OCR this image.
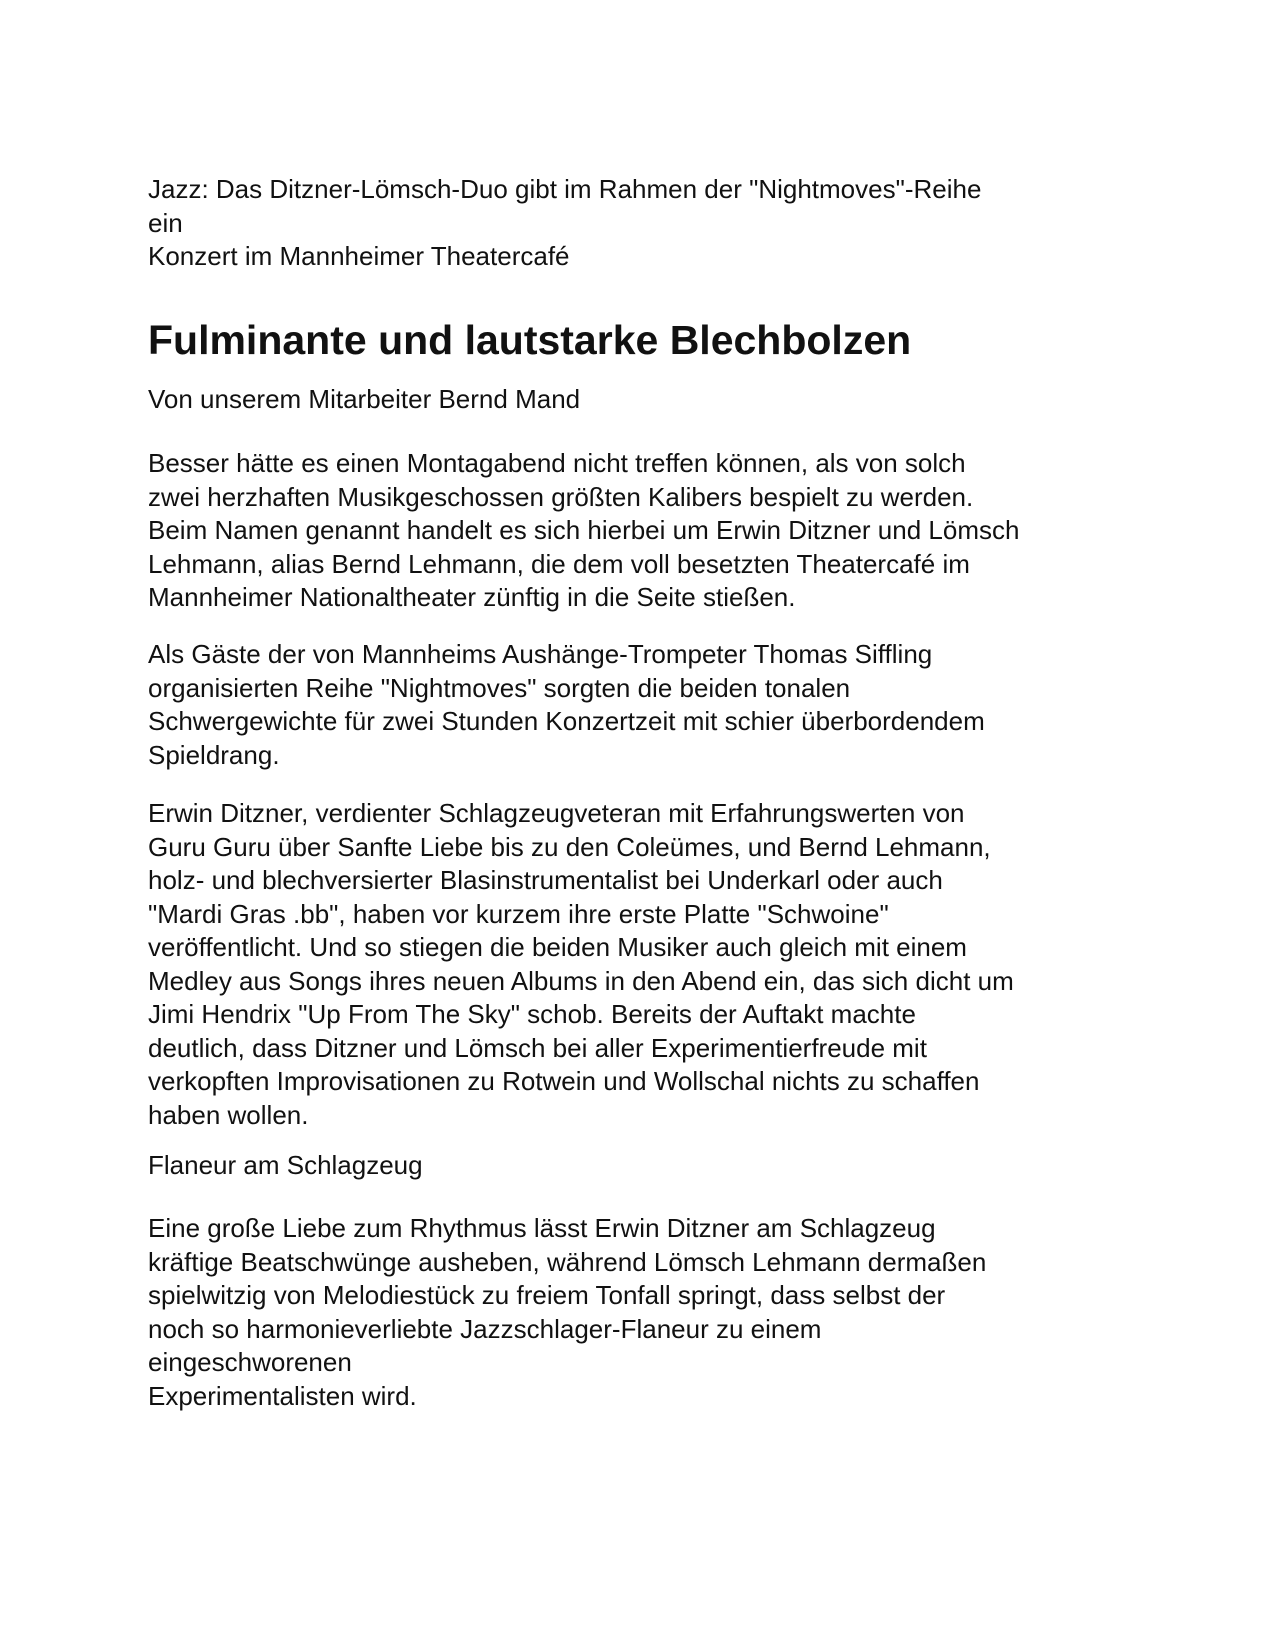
Jazz: Das Ditzner-Lömsch-Duo gibt im Rahmen der "Nightmoves"-Reihe
ein
Konzert im Mannheimer Theatercafé

Fulminante und lautstarke Blechbolzen

Von unserem Mitarbeiter Bernd Mand

Besser hätte es einen Montagabend nicht treffen können, als von solch
zwei herzhaften Musikgeschossen größten Kalibers bespielt zu werden.
Beim Namen genannt handelt es sich hierbei um Erwin Ditzner und Lömsch
Lehmann, alias Bernd Lehmann, die dem voll besetzten Theatercafé im
Mannheimer Nationaltheater zünftig in die Seite stießen.

Als Gäste der von Mannheims Aushänge-Trompeter Thomas Siffling
organisierten Reihe "Nightmoves" sorgten die beiden tonalen
Schwergewichte für zwei Stunden Konzertzeit mit schier überbordendem
Spieldrang.

Erwin Ditzner, verdienter Schlagzeugveteran mit Erfahrungswerten von
Guru Guru über Sanfte Liebe bis zu den Coleümes, und Bernd Lehmann,
holz- und blechversierter Blasinstrumentalist bei Underkarl oder auch
"Mardi Gras .bb", haben vor kurzem ihre erste Platte "Schwoine"
veröffentlicht. Und so stiegen die beiden Musiker auch gleich mit einem
Medley aus Songs ihres neuen Albums in den Abend ein, das sich dicht um
Jimi Hendrix "Up From The Sky" schob. Bereits der Auftakt machte
deutlich, dass Ditzner und Lömsch bei aller Experimentierfreude mit
verkopften Improvisationen zu Rotwein und Wollschal nichts zu schaffen
haben wollen.

Flaneur am Schlagzeug

Eine große Liebe zum Rhythmus lässt Erwin Ditzner am Schlagzeug
kräftige Beatschwünge ausheben, während Lömsch Lehmann dermaßen
spielwitzig von Melodiestück zu freiem Tonfall springt, dass selbst der
noch so harmonieverliebte Jazzschlager-Flaneur zu einem
eingeschworenen
Experimentalisten wird.
